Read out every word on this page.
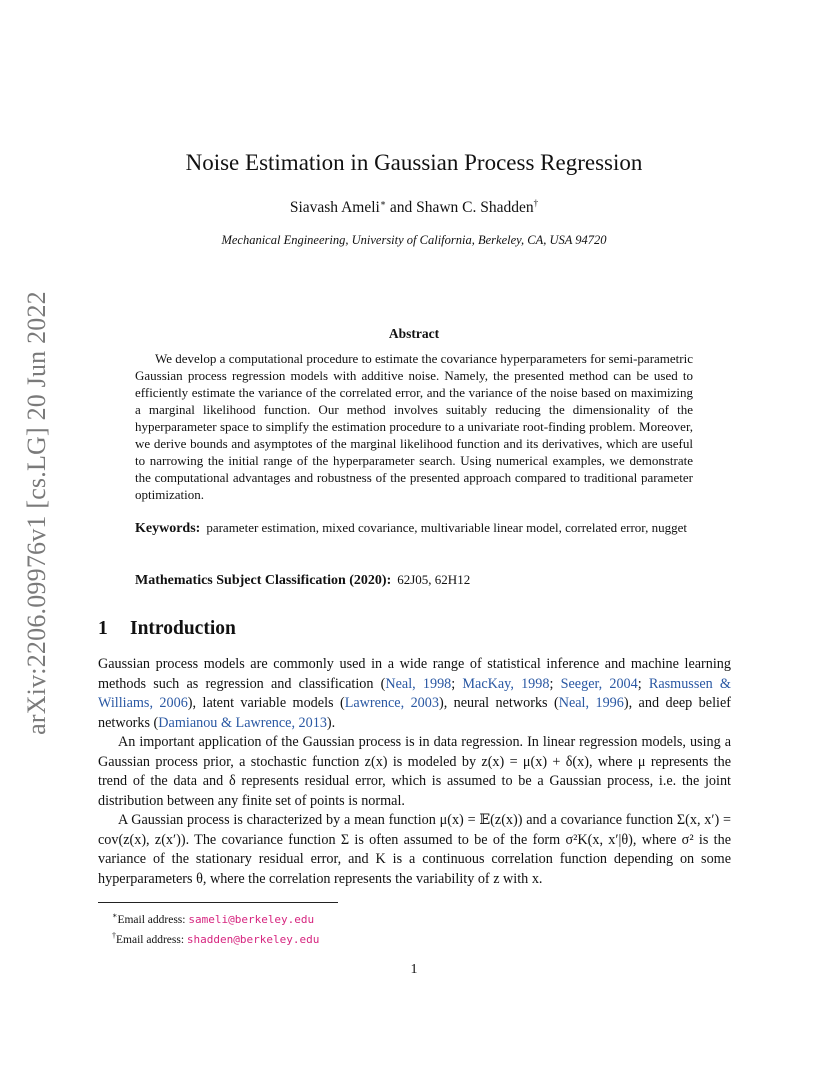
arXiv:2206.09976v1 [cs.LG] 20 Jun 2022
Noise Estimation in Gaussian Process Regression
Siavash Ameli∗ and Shawn C. Shadden†
Mechanical Engineering, University of California, Berkeley, CA, USA 94720
Abstract
We develop a computational procedure to estimate the covariance hyperparameters for semi-parametric Gaussian process regression models with additive noise. Namely, the presented method can be used to efficiently estimate the variance of the correlated error, and the variance of the noise based on maximizing a marginal likelihood function. Our method involves suitably reducing the dimensionality of the hyperparameter space to simplify the estimation procedure to a univariate root-finding problem. Moreover, we derive bounds and asymptotes of the marginal likelihood function and its derivatives, which are useful to narrowing the initial range of the hyperparameter search. Using numerical examples, we demonstrate the computational advantages and robustness of the presented approach compared to traditional parameter optimization.
Keywords: parameter estimation, mixed covariance, multivariable linear model, correlated error, nugget
Mathematics Subject Classification (2020): 62J05, 62H12
1 Introduction

Gaussian process models are commonly used in a wide range of statistical inference and machine learning methods such as regression and classification (Neal, 1998; MacKay, 1998; Seeger, 2004; Rasmussen & Williams, 2006), latent variable models (Lawrence, 2003), neural networks (Neal, 1996), and deep belief networks (Damianou & Lawrence, 2013).

An important application of the Gaussian process is in data regression. In linear regression models, using a Gaussian process prior, a stochastic function z(x) is modeled by z(x) = μ(x) + δ(x), where μ represents the trend of the data and δ represents residual error, which is assumed to be a Gaussian process, i.e. the joint distribution between any finite set of points is normal.

A Gaussian process is characterized by a mean function μ(x) = 𝔼(z(x)) and a covariance function Σ(x, x′) = cov(z(x), z(x′)). The covariance function Σ is often assumed to be of the form σ²K(x, x′|θ), where σ² is the variance of the stationary residual error, and K is a continuous correlation function depending on some hyperparameters θ, where the correlation represents the variability of z with x.

∗Email address: sameli@berkeley.edu
†Email address: shadden@berkeley.edu
1
